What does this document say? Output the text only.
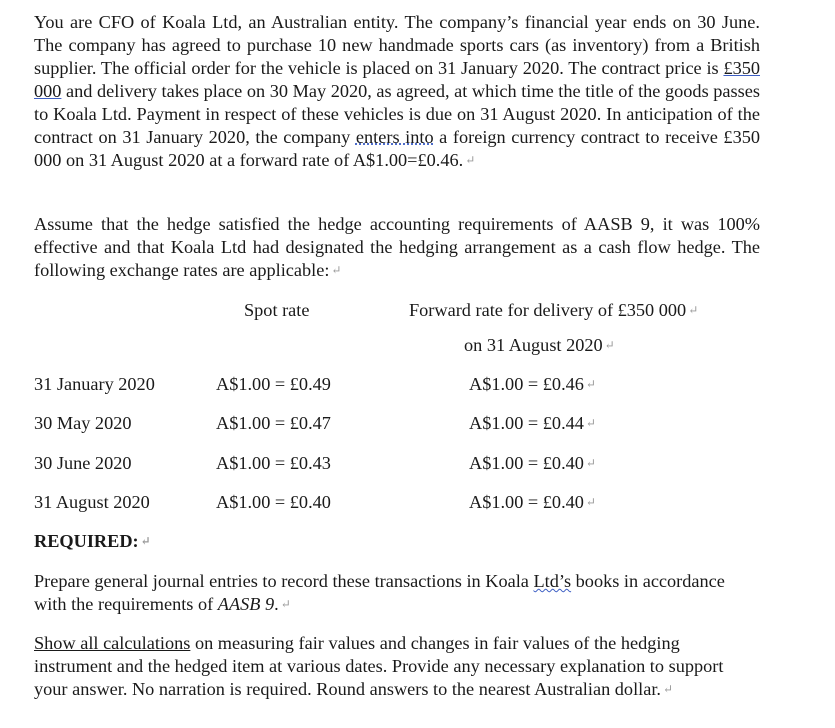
You are CFO of Koala Ltd, an Australian entity. The company’s financial year ends on 30 June. The company has agreed to purchase 10 new handmade sports cars (as inventory) from a British supplier. The official order for the vehicle is placed on 31 January 2020. The contract price is £350 000 and delivery takes place on 30 May 2020, as agreed, at which time the title of the goods passes to Koala Ltd. Payment in respect of these vehicles is due on 31 August 2020. In anticipation of the contract on 31 January 2020, the company enters into a foreign currency contract to receive £350 000 on 31 August 2020 at a forward rate of A$1.00=£0.46. ↵

Assume that the hedge satisfied the hedge accounting requirements of AASB 9, it was 100% effective and that Koala Ltd had designated the hedging arrangement as a cash flow hedge. The following exchange rates are applicable: ↵

Spot rate	Forward rate for delivery of £350 000 ↵
on 31 August 2020 ↵
31 January 2020	A$1.00 = £0.49	A$1.00 = £0.46 ↵
30 May 2020	A$1.00 = £0.47	A$1.00 = £0.44 ↵
30 June 2020	A$1.00 = £0.43	A$1.00 = £0.40 ↵
31 August 2020	A$1.00 = £0.40	A$1.00 = £0.40 ↵
REQUIRED: ↵

Prepare general journal entries to record these transactions in Koala Ltd’s books in accordance with the requirements of AASB 9. ↵

Show all calculations on measuring fair values and changes in fair values of the hedging instrument and the hedged item at various dates. Provide any necessary explanation to support your answer. No narration is required. Round answers to the nearest Australian dollar. ↵
